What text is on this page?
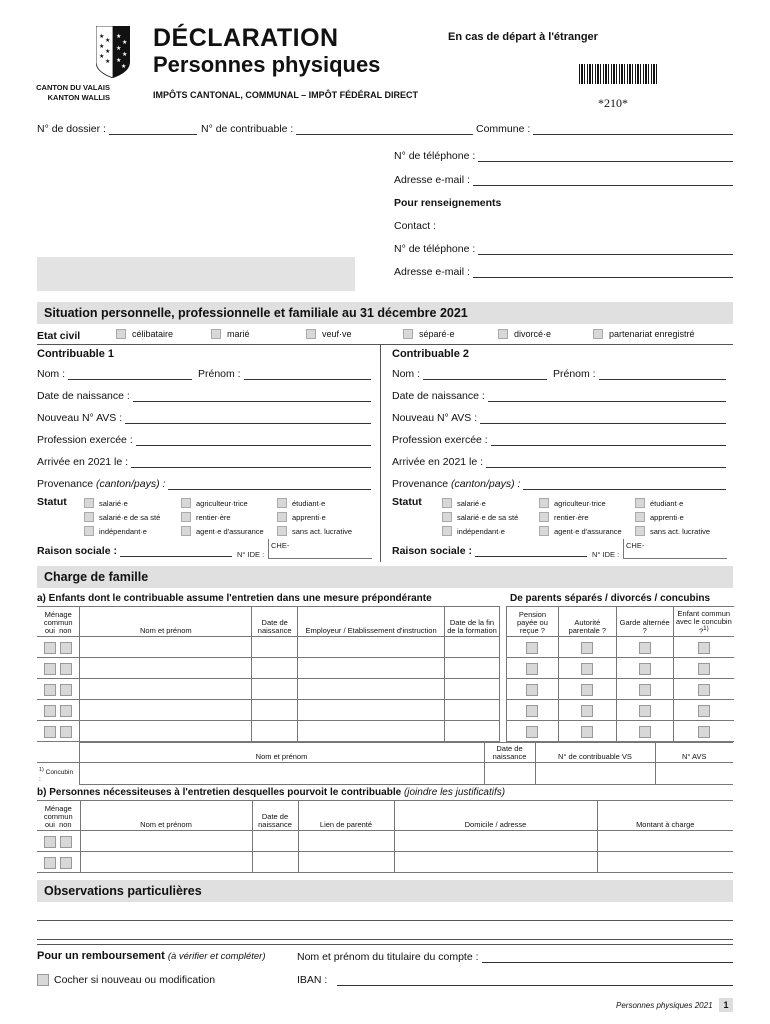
★
★
★
★
★
★
★
★
★
★
★
★
CANTON DU VALAIS
KANTON WALLIS
DÉCLARATION
Personnes physiques
IMPÔTS CANTONAL, COMMUNAL – IMPÔT FÉDÉRAL DIRECT
En cas de départ à l'étranger
*210*
N° de dossier :	N° de contribuable :	Commune :
N° de téléphone :
Adresse e-mail :
Pour renseignements
Contact :
N° de téléphone :
Adresse e-mail :
Situation personnelle, professionnelle et familiale au 31 décembre 2021
Etat civil	célibataire	marié	veuf·ve	séparé·e	divorcé·e	partenariat enregistré
Contribuable 1
Nom :	Prénom :
Date de naissance :
Nouveau N° AVS :
Profession exercée :
Arrivée en 2021 le :
Provenance
(canton/pays) :
Statut	salarié·e	agriculteur·trice	étudiant·e
salarié·e de sa sté	rentier·ère	apprenti·e
indépendant·e	agent·e d'assurance	sans act. lucrative
Raison sociale :	N° IDE :
CHE-
Contribuable 2
Nom :	Prénom :
Date de naissance :
Nouveau N° AVS :
Profession exercée :
Arrivée en 2021 le :
Provenance
(canton/pays) :
Statut	salarié·e	agriculteur·trice	étudiant·e
salarié·e de sa sté	rentier·ère	apprenti·e
indépendant·e	agent·e d'assurance	sans act. lucrative
Raison sociale :	N° IDE :
CHE-
Charge de famille
a) Enfants dont le contribuable assume l'entretien dans une mesure prépondérante	De parents séparés / divorcés / concubins
Ménage commun
oui non	Nom et prénom	Date de naissance	Employeur / Etablissement d'instruction	Date de la fin de la formation

Pension payée ou reçue ?	Autorité parentale ?	Garde alternée ?	Enfant commun avec le concubin ?$^{1)}$

	Nom et prénom	Date de naissance	N° de contribuable VS	N° AVS
$^{1)}$ Concubin :				
b) Personnes nécessiteuses à l'entretien desquelles pourvoit le contribuable (joindre les justificatifs)
Ménage commun
oui non	Nom et prénom	Date de naissance	Lien de parenté	Domicile / adresse	Montant à charge

Observations particulières
Pour un remboursement (à vérifier et compléter)	Nom et prénom du titulaire du compte :
Cocher si nouveau ou modification	IBAN :
Personnes physiques 2021	1
